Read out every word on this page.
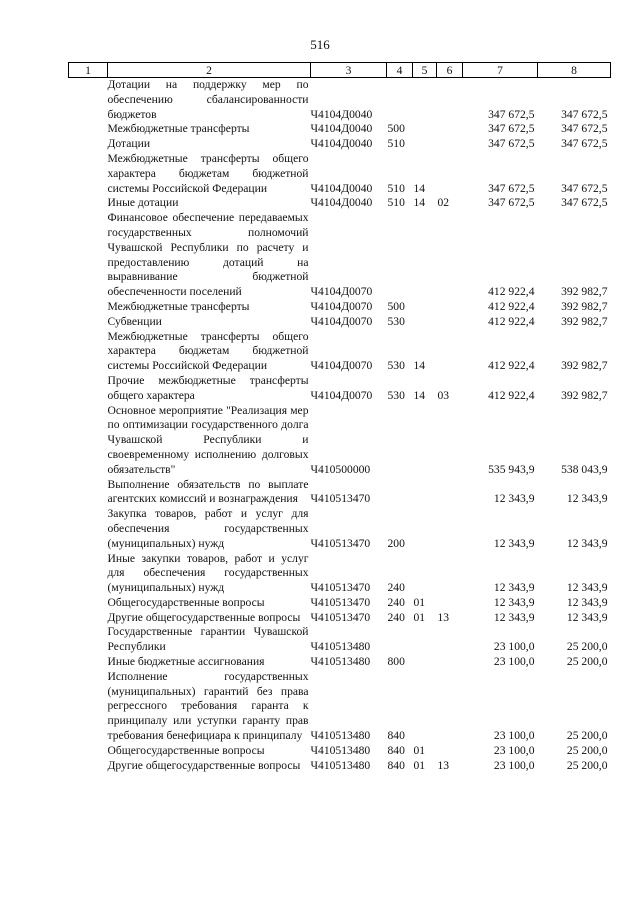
516
1	2	3	4	5	6	7	8
	Дотации на поддержку мер по обеспечению сбалансированности бюджетов	Ч4104Д0040				347 672,5	347 672,5
	Межбюджетные трансферты	Ч4104Д0040	500			347 672,5	347 672,5
	Дотации	Ч4104Д0040	510			347 672,5	347 672,5
	Межбюджетные трансферты общего характера бюджетам бюджетной системы Российской Федерации	Ч4104Д0040	510	14		347 672,5	347 672,5
	Иные дотации	Ч4104Д0040	510	14	02	347 672,5	347 672,5
	Финансовое обеспечение передаваемых государственных полномочий Чувашской Республики по расчету и предоставлению дотаций на выравнивание бюджетной обеспеченности поселений	Ч4104Д0070				412 922,4	392 982,7
	Межбюджетные трансферты	Ч4104Д0070	500			412 922,4	392 982,7
	Субвенции	Ч4104Д0070	530			412 922,4	392 982,7
	Межбюджетные трансферты общего характера бюджетам бюджетной системы Российской Федерации	Ч4104Д0070	530	14		412 922,4	392 982,7
	Прочие межбюджетные трансферты общего характера	Ч4104Д0070	530	14	03	412 922,4	392 982,7
	Основное мероприятие "Реализация мер по оптимизации государственного долга Чувашской Республики и своевременному исполнению долговых обязательств"	Ч410500000				535 943,9	538 043,9
	Выполнение обязательств по выплате агентских комиссий и вознаграждения	Ч410513470				12 343,9	12 343,9
	Закупка товаров, работ и услуг для обеспечения государственных (муниципальных) нужд	Ч410513470	200			12 343,9	12 343,9
	Иные закупки товаров, работ и услуг для обеспечения государственных (муниципальных) нужд	Ч410513470	240			12 343,9	12 343,9
	Общегосударственные вопросы	Ч410513470	240	01		12 343,9	12 343,9
	Другие общегосударственные вопросы	Ч410513470	240	01	13	12 343,9	12 343,9
	Государственные гарантии Чувашской Республики	Ч410513480				23 100,0	25 200,0
	Иные бюджетные ассигнования	Ч410513480	800			23 100,0	25 200,0
	Исполнение государственных (муниципальных) гарантий без права регрессного требования гаранта к принципалу или уступки гаранту прав требования бенефициара к принципалу	Ч410513480	840			23 100,0	25 200,0
	Общегосударственные вопросы	Ч410513480	840	01		23 100,0	25 200,0
	Другие общегосударственные вопросы	Ч410513480	840	01	13	23 100,0	25 200,0
